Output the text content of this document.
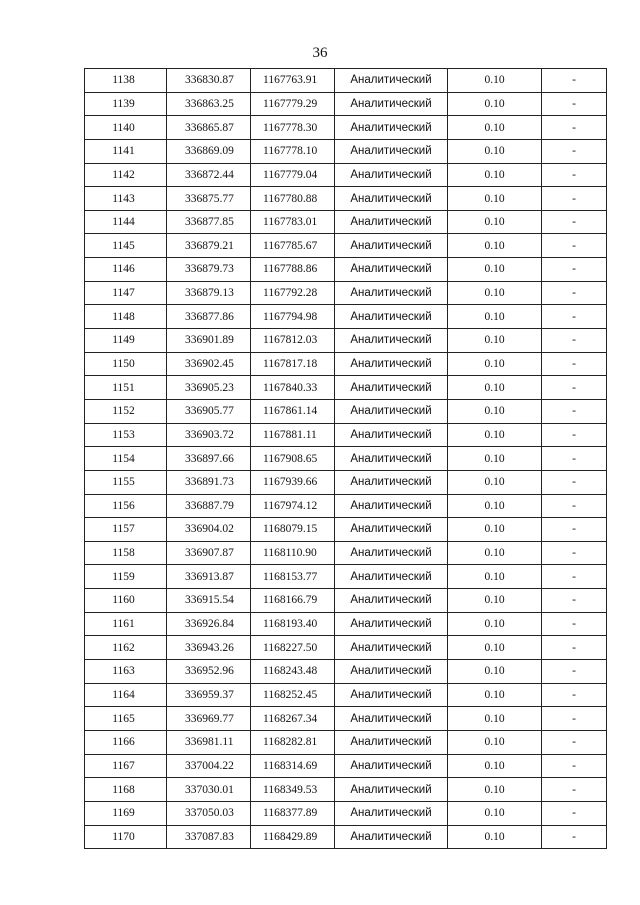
36
1138	336830.87	1167763.91	Аналитический	0.10	-
1139	336863.25	1167779.29	Аналитический	0.10	-
1140	336865.87	1167778.30	Аналитический	0.10	-
1141	336869.09	1167778.10	Аналитический	0.10	-
1142	336872.44	1167779.04	Аналитический	0.10	-
1143	336875.77	1167780.88	Аналитический	0.10	-
1144	336877.85	1167783.01	Аналитический	0.10	-
1145	336879.21	1167785.67	Аналитический	0.10	-
1146	336879.73	1167788.86	Аналитический	0.10	-
1147	336879.13	1167792.28	Аналитический	0.10	-
1148	336877.86	1167794.98	Аналитический	0.10	-
1149	336901.89	1167812.03	Аналитический	0.10	-
1150	336902.45	1167817.18	Аналитический	0.10	-
1151	336905.23	1167840.33	Аналитический	0.10	-
1152	336905.77	1167861.14	Аналитический	0.10	-
1153	336903.72	1167881.11	Аналитический	0.10	-
1154	336897.66	1167908.65	Аналитический	0.10	-
1155	336891.73	1167939.66	Аналитический	0.10	-
1156	336887.79	1167974.12	Аналитический	0.10	-
1157	336904.02	1168079.15	Аналитический	0.10	-
1158	336907.87	1168110.90	Аналитический	0.10	-
1159	336913.87	1168153.77	Аналитический	0.10	-
1160	336915.54	1168166.79	Аналитический	0.10	-
1161	336926.84	1168193.40	Аналитический	0.10	-
1162	336943.26	1168227.50	Аналитический	0.10	-
1163	336952.96	1168243.48	Аналитический	0.10	-
1164	336959.37	1168252.45	Аналитический	0.10	-
1165	336969.77	1168267.34	Аналитический	0.10	-
1166	336981.11	1168282.81	Аналитический	0.10	-
1167	337004.22	1168314.69	Аналитический	0.10	-
1168	337030.01	1168349.53	Аналитический	0.10	-
1169	337050.03	1168377.89	Аналитический	0.10	-
1170	337087.83	1168429.89	Аналитический	0.10	-
